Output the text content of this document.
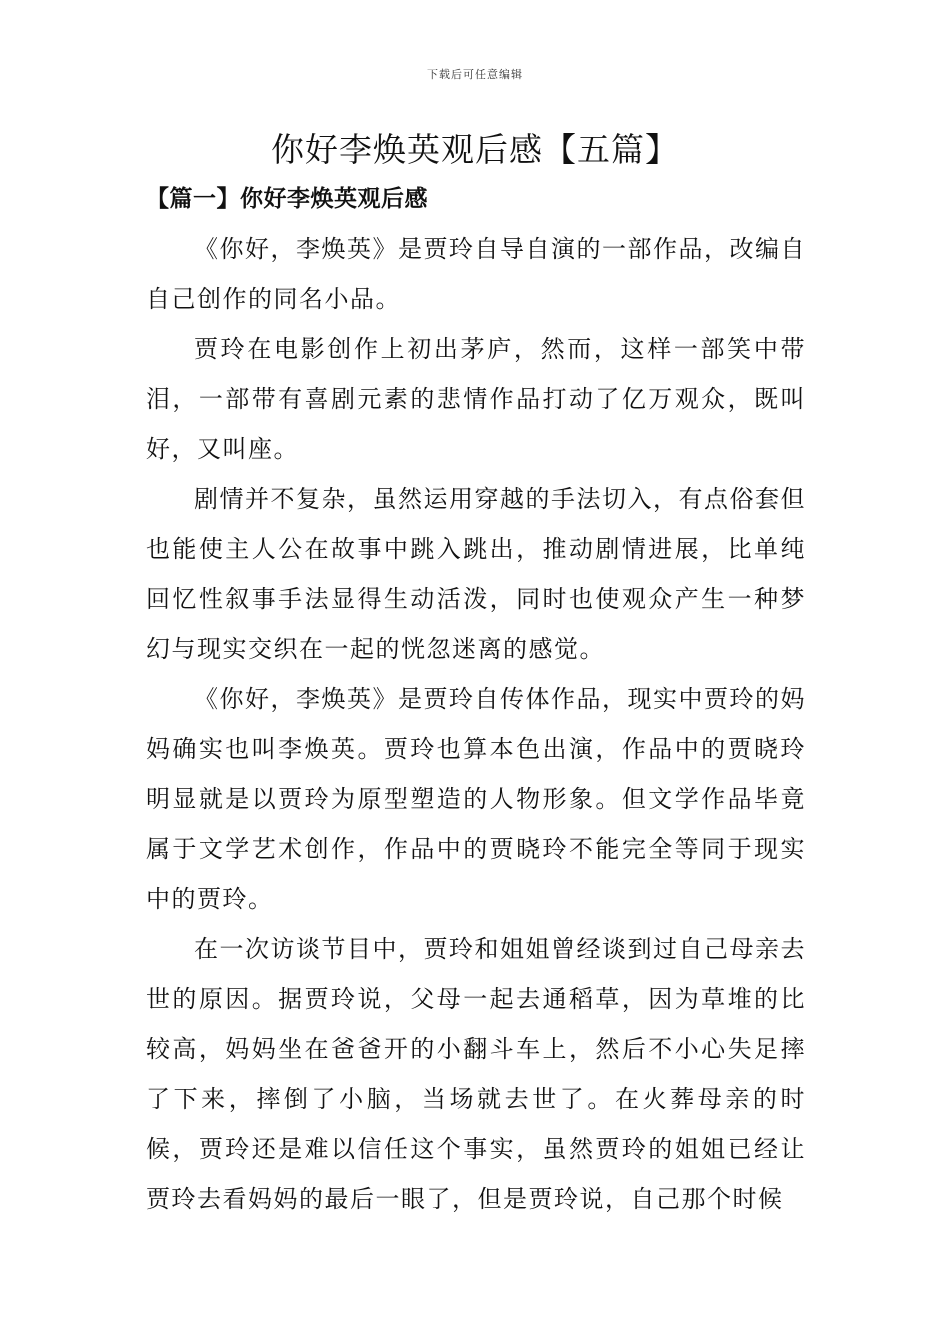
下载后可任意编辑
你好李焕英观后感【五篇】
【篇一】你好李焕英观后感

《你好，李焕英》是贾玲自导自演的一部作品，改编自自己创作的同名小品。

贾玲在电影创作上初出茅庐，然而，这样一部笑中带泪，一部带有喜剧元素的悲情作品打动了亿万观众，既叫好，又叫座。

剧情并不复杂，虽然运用穿越的手法切入，有点俗套但也能使主人公在故事中跳入跳出，推动剧情进展，比单纯回忆性叙事手法显得生动活泼，同时也使观众产生一种梦幻与现实交织在一起的恍忽迷离的感觉。

《你好，李焕英》是贾玲自传体作品，现实中贾玲的妈妈确实也叫李焕英。贾玲也算本色出演，作品中的贾晓玲明显就是以贾玲为原型塑造的人物形象。但文学作品毕竟属于文学艺术创作，作品中的贾晓玲不能完全等同于现实中的贾玲。

在一次访谈节目中，贾玲和姐姐曾经谈到过自己母亲去世的原因。据贾玲说，父母一起去通稻草，因为草堆的比较高，妈妈坐在爸爸开的小翻斗车上，然后不小心失足摔了下来，摔倒了小脑，当场就去世了。在火葬母亲的时候，贾玲还是难以信任这个事实，虽然贾玲的姐姐已经让贾玲去看妈妈的最后一眼了，但是贾玲说，自己那个时候
